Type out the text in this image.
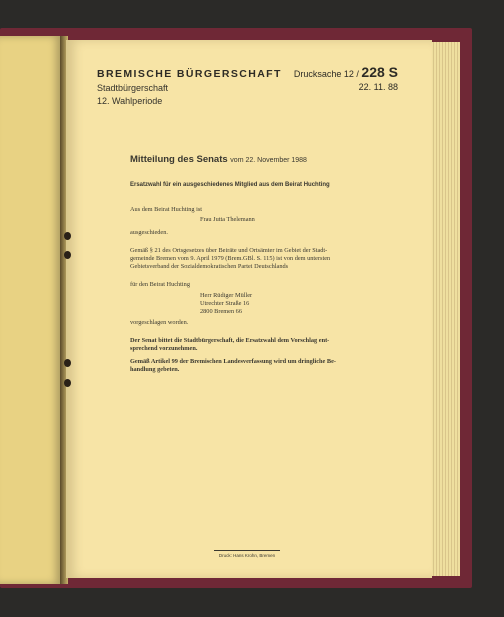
BREMISCHE BÜRGERSCHAFT
Stadtbürgerschaft
12. Wahlperiode
Drucksache 12 / 228 S
22. 11. 88
Mitteilung des Senats vom 22. November 1988
Ersatzwahl für ein ausgeschiedenes Mitglied aus dem Beirat Huchting
Aus dem Beirat Huchting ist
Frau Jutta Thelemann
ausgeschieden.
Gemäß § 21 des Ortsgesetzes über Beiräte und Ortsämter im Gebiet der Stadt-
gemeinde Bremen vom 9. April 1979 (Brem.GBl. S. 115) ist von dem untersten
Gebietsverband der Sozialdemokratischen Partei Deutschlands
für den Beirat Huchting
Herr Rüdiger Müller
Utrechter Straße 16
2800 Bremen 66
vorgeschlagen worden.
Der Senat bittet die Stadtbürgerschaft, die Ersatzwahl dem Vorschlag ent-
sprechend vorzunehmen.
Gemäß Artikel 99 der Bremischen Landesverfassung wird um dringliche Be-
handlung gebeten.
Druck: Hans Krohn, Bremen
